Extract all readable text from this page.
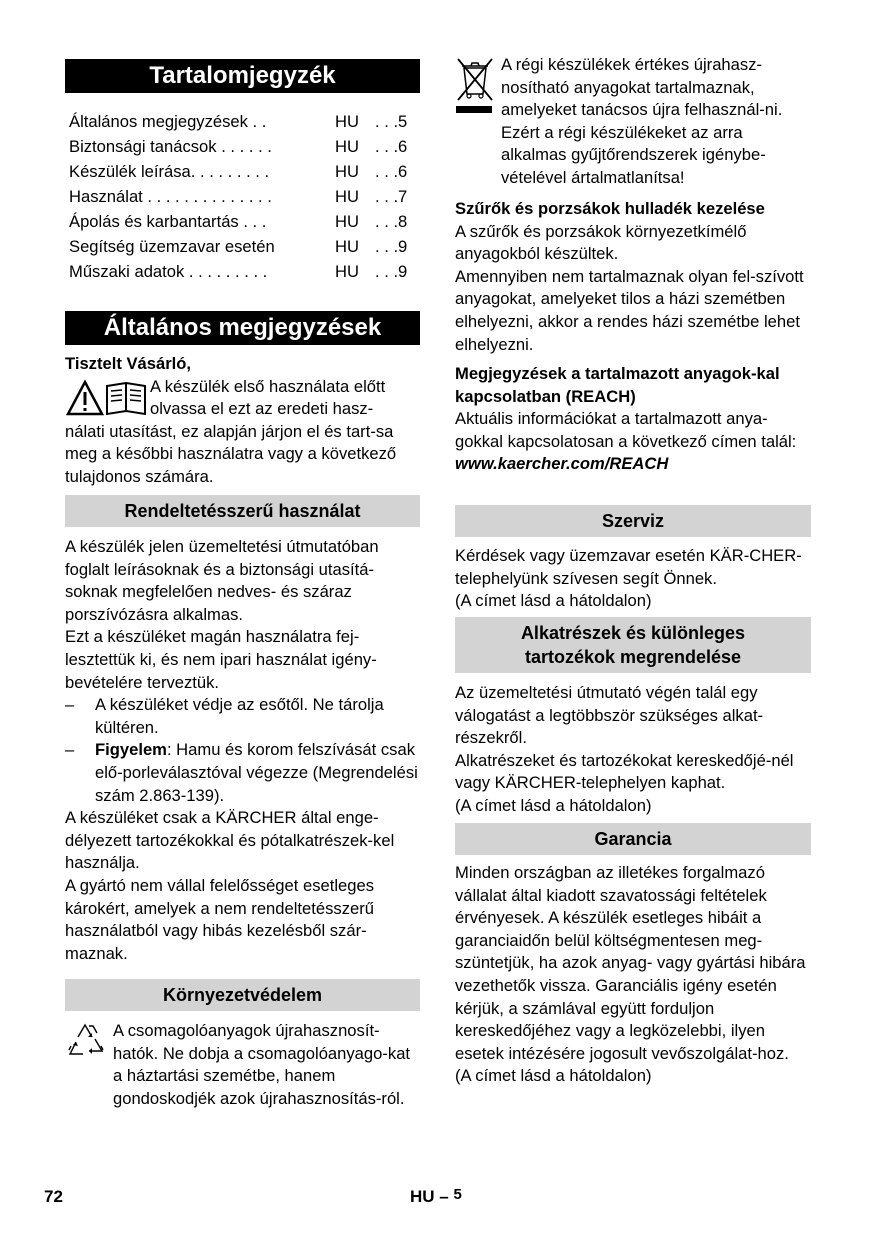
Tartalomjegyzék
Általános megjegyzések . .	HU . . .5
Biztonsági tanácsok . . . . . .	HU . . .6
Készülék leírása. . . . . . . . .	HU . . .6
Használat . . . . . . . . . . . . . .	HU . . .7
Ápolás és karbantartás . . .	HU . . .8
Segítség üzemzavar esetén	HU . . .9
Műszaki adatok . . . . . . . . .	HU . . .9
Általános megjegyzések

Tisztelt Vásárló,

A készülék első használata előtt

olvassa el ezt az eredeti hasz-

nálati utasítást, ez alapján járjon el és tart-sa meg a későbbi használatra vagy a következő tulajdonos számára.

Rendeltetésszerű használat

A készülék jelen üzemeltetési útmutatóban foglalt leírásoknak és a biztonsági utasítá-soknak megfelelően nedves- és száraz porszívózásra alkalmas.

Ezt a készüléket magán használatra fej-lesztettük ki, és nem ipari használat igény-bevételére terveztük.

– A készüléket védje az esőtől. Ne tárolja kültéren.
– Figyelem: Hamu és korom felszívását csak elő-porleválasztóval végezze (Megrendelési szám 2.863-139).

A készüléket csak a KÄRCHER által enge-délyezett tartozékokkal és pótalkatrészek-kel használja.

A gyártó nem vállal felelősséget esetleges károkért, amelyek a nem rendeltetésszerű használatból vagy hibás kezelésből szár-maznak.

Környezetvédelem

A csomagolóanyagok újrahasznosít-hatók. Ne dobja a csomagolóanyago-kat a háztartási szemétbe, hanem gondoskodjék azok újrahasznosítás-ról.

A régi készülékek értékes újrahasz-nosítható anyagokat tartalmaznak, amelyeket tanácsos újra felhasznál-ni. Ezért a régi készülékeket az arra alkalmas gyűjtőrendszerek igénybe-vételével ártalmatlanítsa!

Szűrők és porzsákok hulladék kezelése

A szűrők és porzsákok környezetkímélő anyagokból készültek.

Amennyiben nem tartalmaznak olyan fel-szívott anyagokat, amelyeket tilos a házi szemétben elhelyezni, akkor a rendes házi szemétbe lehet elhelyezni.

Megjegyzések a tartalmazott anyagok-kal kapcsolatban (REACH)

Aktuális információkat a tartalmazott anya-gokkal kapcsolatosan a következő címen talál:

www.kaercher.com/REACH

Szerviz

Kérdések vagy üzemzavar esetén KÄR-CHER-telephelyünk szívesen segít Önnek.

(A címet lásd a hátoldalon)

Alkatrészek és különleges
tartozékok megrendelése

Az üzemeltetési útmutató végén talál egy válogatást a legtöbbször szükséges alkat-részekről.

Alkatrészeket és tartozékokat kereskedőjé-nél vagy KÄRCHER-telephelyen kaphat.

(A címet lásd a hátoldalon)

Garancia

Minden országban az illetékes forgalmazó vállalat által kiadott szavatossági feltételek érvényesek. A készülék esetleges hibáit a garanciaidőn belül költségmentesen meg-szüntetjük, ha azok anyag- vagy gyártási hibára vezethetők vissza. Garanciális igény esetén kérjük, a számlával együtt forduljon kereskedőjéhez vagy a legközelebbi, ilyen esetek intézésére jogosult vevőszolgálat-hoz.

(A címet lásd a hátoldalon)

72	HU – 5
